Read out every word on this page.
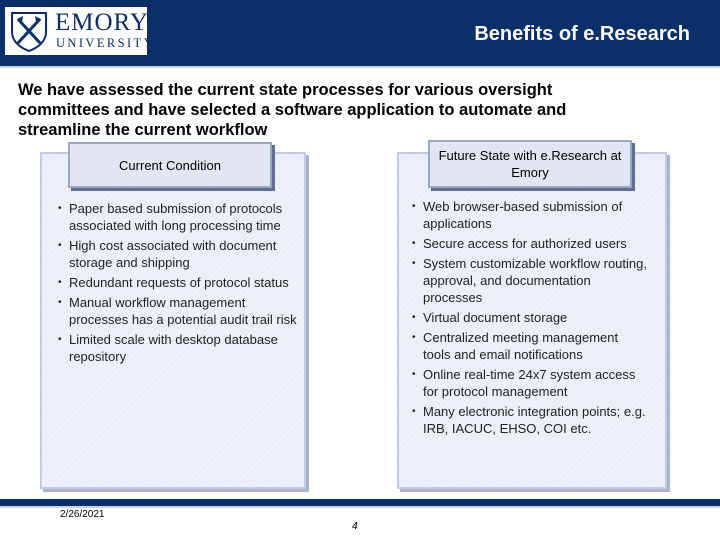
EMORY
UNIVERSITY	Benefits of e.Research
We have assessed the current state processes for various oversight committees and have selected a software application to automate and streamline the current workflow
Current Condition
Future State with e.Research at Emory
• Paper based submission of protocols associated with long processing time
• High cost associated with document storage and shipping
• Redundant requests of protocol status
• Manual workflow management processes has a potential audit trail risk
• Limited scale with desktop database repository
• Web browser-based submission of applications
• Secure access for authorized users
• System customizable workflow routing, approval, and documentation processes
• Virtual document storage
• Centralized meeting management tools and email notifications
• Online real-time 24x7 system access for protocol management
• Many electronic integration points; e.g. IRB, IACUC, EHSO, COI etc.
2/26/2021
4
